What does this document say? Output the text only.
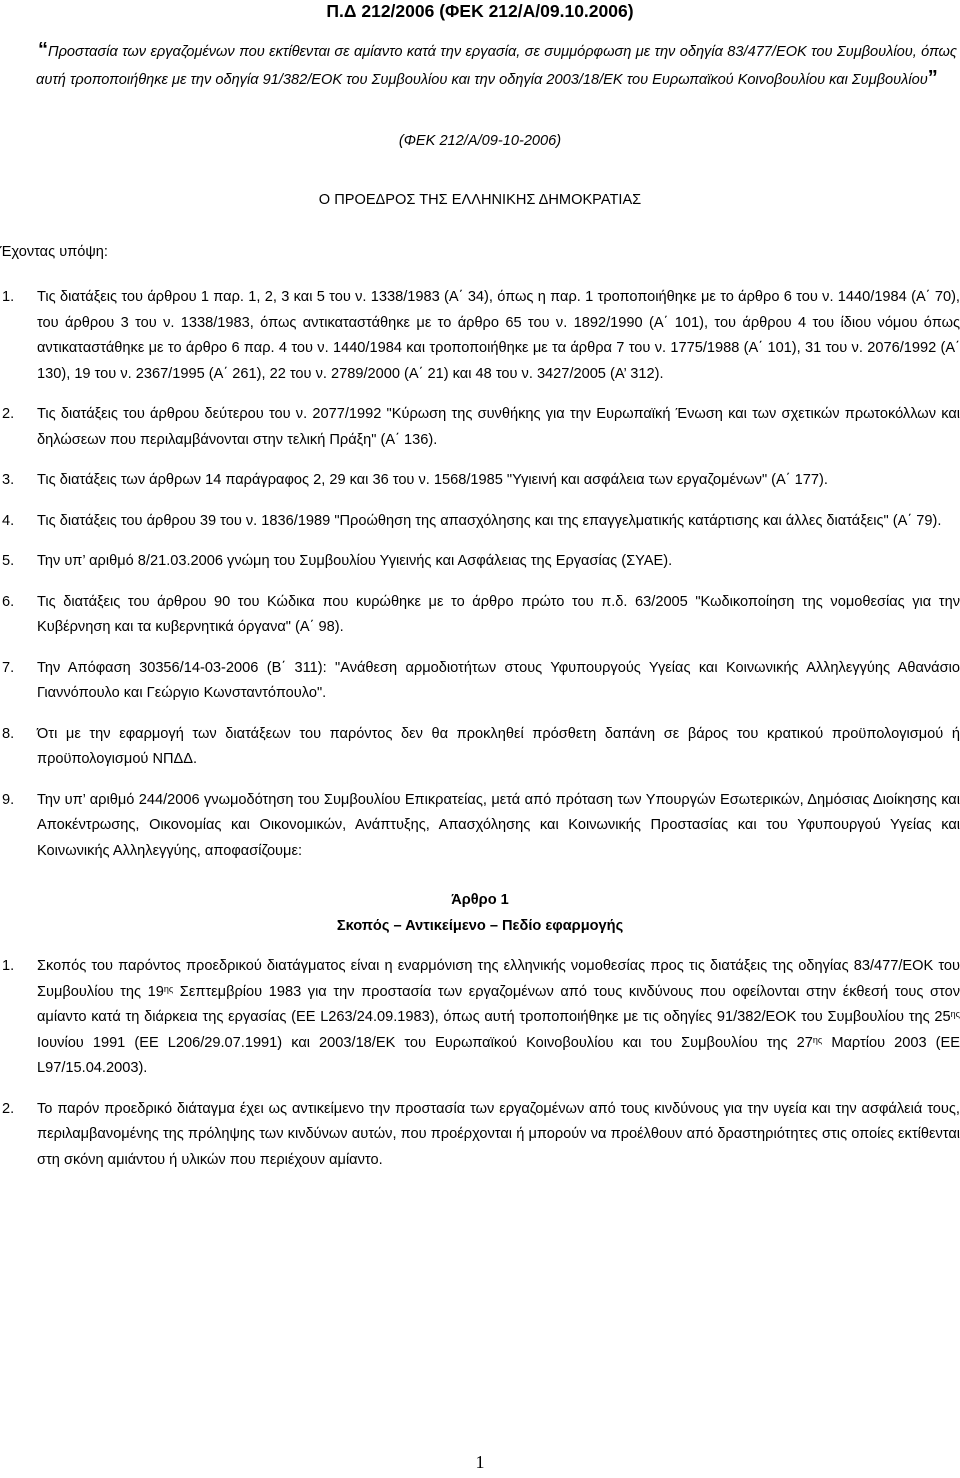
Π.Δ 212/2006 (ΦΕΚ 212/Α/09.10.2006)
“Προστασία των εργαζομένων που εκτίθενται σε αμίαντο κατά την εργασία, σε συμμόρφωση με την οδηγία 83/477/ΕΟΚ του Συμβουλίου, όπως αυτή τροποποιήθηκε με την οδηγία 91/382/ΕΟΚ του Συμβουλίου και την οδηγία 2003/18/ΕΚ του Ευρωπαϊκού Κοινοβουλίου και Συμβουλίου”
(ΦΕΚ 212/Α/09-10-2006)
Ο ΠΡΟΕΔΡΟΣ ΤΗΣ ΕΛΛΗΝΙΚΗΣ ΔΗΜΟΚΡΑΤΙΑΣ
Έχοντας υπόψη:
1. Τις διατάξεις του άρθρου 1 παρ. 1, 2, 3 και 5 του ν. 1338/1983 (Α΄ 34), όπως η παρ. 1 τροποποιήθηκε με το άρθρο 6 του ν. 1440/1984 (Α΄ 70), του άρθρου 3 του ν. 1338/1983, όπως αντικαταστάθηκε με το άρθρο 65 του ν. 1892/1990 (Α΄ 101), του άρθρου 4 του ίδιου νόμου όπως αντικαταστάθηκε με το άρθρο 6 παρ. 4 του ν. 1440/1984 και τροποποιήθηκε με τα άρθρα 7 του ν. 1775/1988 (Α΄ 101), 31 του ν. 2076/1992 (Α΄ 130), 19 του ν. 2367/1995 (Α΄ 261), 22 του ν. 2789/2000 (Α΄ 21) και 48 του ν. 3427/2005 (Α’ 312).
2. Τις διατάξεις του άρθρου δεύτερου του ν. 2077/1992 "Κύρωση της συνθήκης για την Ευρωπαϊκή Ένωση και των σχετικών πρωτοκόλλων και δηλώσεων που περιλαμβάνονται στην τελική Πράξη" (Α΄ 136).
3. Τις διατάξεις των άρθρων 14 παράγραφος 2, 29 και 36 του ν. 1568/1985 "Υγιεινή και ασφάλεια των εργαζομένων" (Α΄ 177).
4. Τις διατάξεις του άρθρου 39 του ν. 1836/1989 "Προώθηση της απασχόλησης και της επαγγελματικής κατάρτισης και άλλες διατάξεις" (Α΄ 79).
5. Την υπ’ αριθμό 8/21.03.2006 γνώμη του Συμβουλίου Υγιεινής και Ασφάλειας της Εργασίας (ΣΥΑΕ).
6. Τις διατάξεις του άρθρου 90 του Κώδικα που κυρώθηκε με το άρθρο πρώτο του π.δ. 63/2005 "Κωδικοποίηση της νομοθεσίας για την Κυβέρνηση και τα κυβερνητικά όργανα" (Α΄ 98).
7. Την Απόφαση 30356/14-03-2006 (Β΄ 311): "Ανάθεση αρμοδιοτήτων στους Υφυπουργούς Υγείας και Κοινωνικής Αλληλεγγύης Αθανάσιο Γιαννόπουλο και Γεώργιο Κωνσταντόπουλο".
8. Ότι με την εφαρμογή των διατάξεων του παρόντος δεν θα προκληθεί πρόσθετη δαπάνη σε βάρος του κρατικού προϋπολογισμού ή προϋπολογισμού ΝΠΔΔ.
9. Την υπ’ αριθμό 244/2006 γνωμοδότηση του Συμβουλίου Επικρατείας, μετά από πρόταση των Υπουργών Εσωτερικών, Δημόσιας Διοίκησης και Αποκέντρωσης, Οικονομίας και Οικονομικών, Ανάπτυξης, Απασχόλησης και Κοινωνικής Προστασίας και του Υφυπουργού Υγείας και Κοινωνικής Αλληλεγγύης, αποφασίζουμε:
Άρθρο 1
Σκοπός – Αντικείμενο – Πεδίο εφαρμογής
1. Σκοπός του παρόντος προεδρικού διατάγματος είναι η εναρμόνιση της ελληνικής νομοθεσίας προς τις διατάξεις της οδηγίας 83/477/ΕΟΚ του Συμβουλίου της $19^{\eta\varsigma}$ Σεπτεμβρίου 1983 για την προστασία των εργαζομένων από τους κινδύνους που οφείλονται στην έκθεσή τους στον αμίαντο κατά τη διάρκεια της εργασίας (ΕΕ L263/24.09.1983), όπως αυτή τροποποιήθηκε με τις οδηγίες 91/382/ΕΟΚ του Συμβουλίου της $25^{\eta\varsigma}$ Ιουνίου 1991 (ΕΕ L206/29.07.1991) και 2003/18/ΕΚ του Ευρωπαϊκού Κοινοβουλίου και του Συμβουλίου της $27^{\eta\varsigma}$ Μαρτίου 2003 (ΕΕ L97/15.04.2003).
2. Το παρόν προεδρικό διάταγμα έχει ως αντικείμενο την προστασία των εργαζομένων από τους κινδύνους για την υγεία και την ασφάλειά τους, περιλαμβανομένης της πρόληψης των κινδύνων αυτών, που προέρχονται ή μπορούν να προέλθουν από δραστηριότητες στις οποίες εκτίθενται στη σκόνη αμιάντου ή υλικών που περιέχουν αμίαντο.
1
